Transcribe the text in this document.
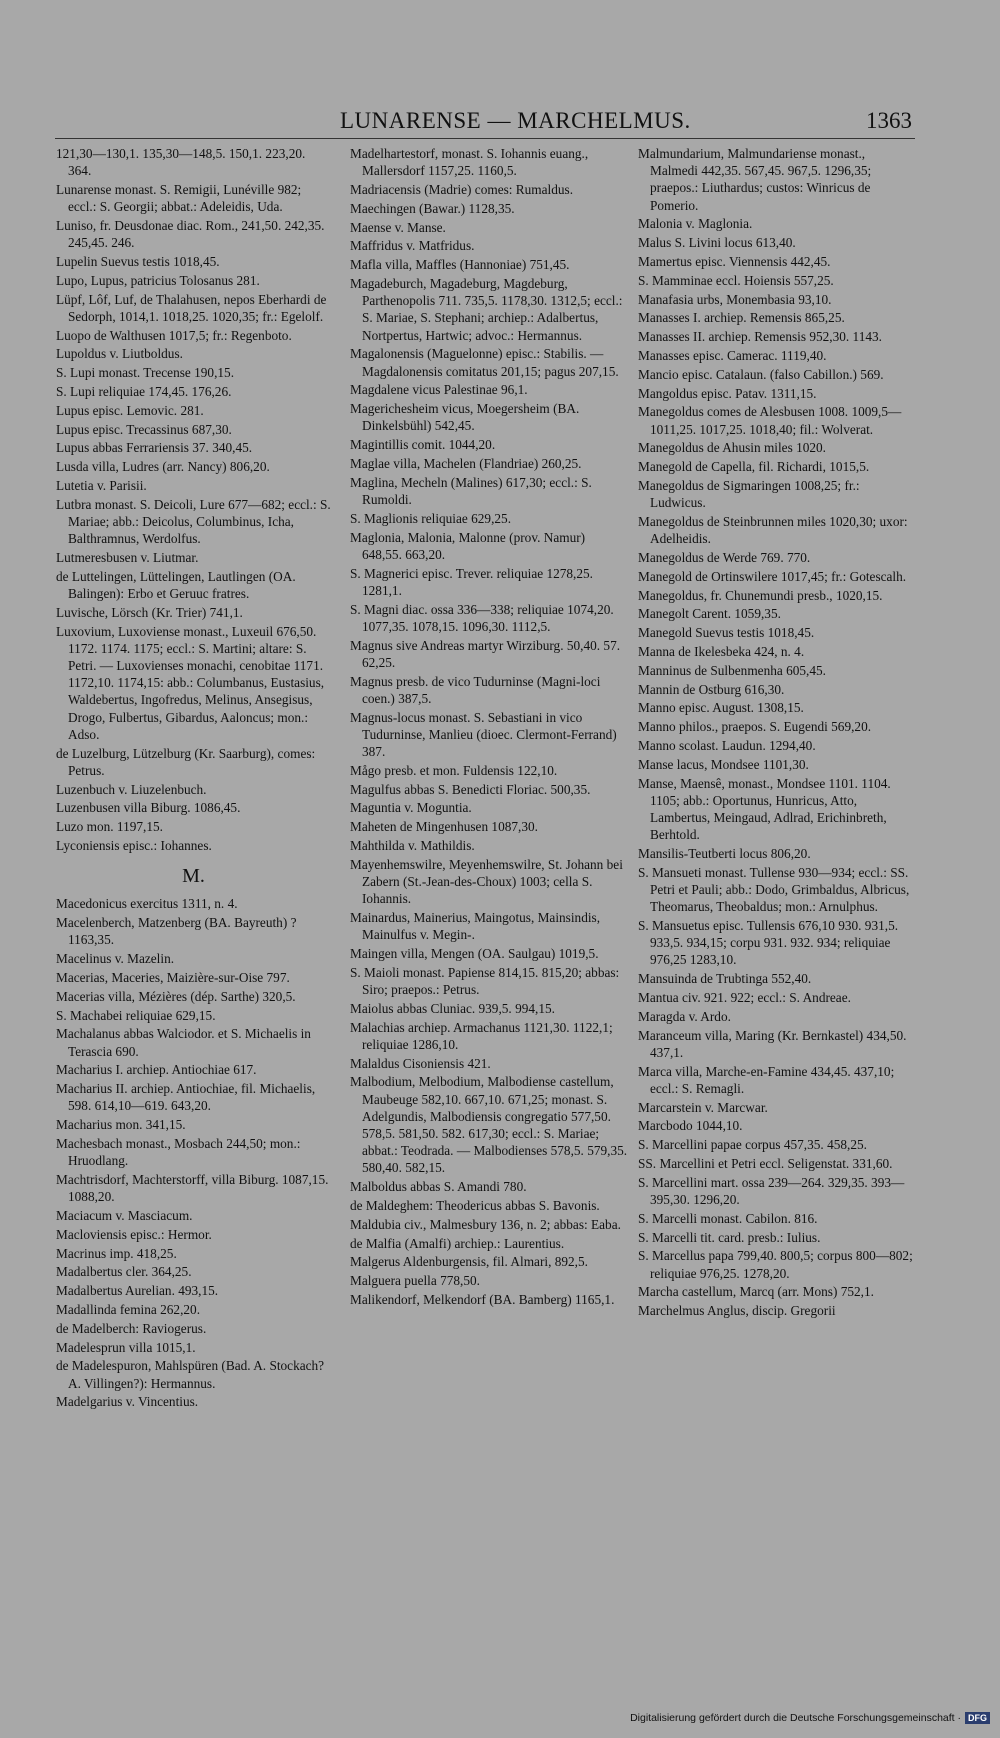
LUNARENSE — MARCHELMUS.	1363
121,30—130,1. 135,30—148,5. 150,1. 223,20. 364.
Lunarense monast. S. Remigii, Lunéville 982; eccl.: S. Georgii; abbat.: Adeleidis, Uda.
Luniso, fr. Deusdonae diac. Rom., 241,50. 242,35. 245,45. 246.
Lupelin Suevus testis 1018,45.
Lupo, Lupus, patricius Tolosanus 281.
Lüpf, Lôf, Luf, de Thalahusen, nepos Eberhardi de Sedorph, 1014,1. 1018,25. 1020,35; fr.: Egelolf.
Luopo de Walthusen 1017,5; fr.: Regenboto.
Lupoldus v. Liutboldus.
S. Lupi monast. Trecense 190,15.
S. Lupi reliquiae 174,45. 176,26.
Lupus episc. Lemovic. 281.
Lupus episc. Trecassinus 687,30.
Lupus abbas Ferrariensis 37. 340,45.
Lusda villa, Ludres (arr. Nancy) 806,20.
Lutetia v. Parisii.
Lutbra monast. S. Deicoli, Lure 677—682; eccl.: S. Mariae; abb.: Deicolus, Columbinus, Icha, Balthramnus, Werdolfus.
Lutmeresbusen v. Liutmar.
de Luttelingen, Lüttelingen, Lautlingen (OA. Balingen): Erbo et Geruuc fratres.
Luvische, Lörsch (Kr. Trier) 741,1.
Luxovium, Luxoviense monast., Luxeuil 676,50. 1172. 1174. 1175; eccl.: S. Martini; altare: S. Petri. — Luxovienses monachi, cenobitae 1171. 1172,10. 1174,15: abb.: Columbanus, Eustasius, Waldebertus, Ingofredus, Melinus, Ansegisus, Drogo, Fulbertus, Gibardus, Aaloncus; mon.: Adso.
de Luzelburg, Lützelburg (Kr. Saarburg), comes: Petrus.
Luzenbuch v. Liuzelenbuch.
Luzenbusen villa Biburg. 1086,45.
Luzo mon. 1197,15.
Lyconiensis episc.: Iohannes.
M.
Macedonicus exercitus 1311, n. 4.
Macelenberch, Matzenberg (BA. Bayreuth) ? 1163,35.
Macelinus v. Mazelin.
Macerias, Maceries, Maizière-sur-Oise 797.
Macerias villa, Mézières (dép. Sarthe) 320,5.
S. Machabei reliquiae 629,15.
Machalanus abbas Walciodor. et S. Michaelis in Terascia 690.
Macharius I. archiep. Antiochiae 617.
Macharius II. archiep. Antiochiae, fil. Michaelis, 598. 614,10—619. 643,20.
Macharius mon. 341,15.
Machesbach monast., Mosbach 244,50; mon.: Hruodlang.
Machtrisdorf, Machterstorff, villa Biburg. 1087,15. 1088,20.
Maciacum v. Masciacum.
Macloviensis episc.: Hermor.
Macrinus imp. 418,25.
Madalbertus cler. 364,25.
Madalbertus Aurelian. 493,15.
Madallinda femina 262,20.
de Madelberch: Raviogerus.
Madelesprun villa 1015,1.
de Madelespuron, Mahlspüren (Bad. A. Stockach? A. Villingen?): Hermannus.
Madelgarius v. Vincentius.
Madelhartestorf, monast. S. Iohannis euang., Mallersdorf 1157,25. 1160,5.
Madriacensis (Madrie) comes: Rumaldus.
Maechingen (Bawar.) 1128,35.
Maense v. Manse.
Maffridus v. Matfridus.
Mafla villa, Maffles (Hannoniae) 751,45.
Magadeburch, Magadeburg, Magdeburg, Parthenopolis 711. 735,5. 1178,30. 1312,5; eccl.: S. Mariae, S. Stephani; archiep.: Adalbertus, Nortpertus, Hartwic; advoc.: Hermannus.
Magalonensis (Maguelonne) episc.: Stabilis. — Magdalonensis comitatus 201,15; pagus 207,15.
Magdalene vicus Palestinae 96,1.
Magerichesheim vicus, Moegersheim (BA. Dinkelsbühl) 542,45.
Magintillis comit. 1044,20.
Maglae villa, Machelen (Flandriae) 260,25.
Maglina, Mecheln (Malines) 617,30; eccl.: S. Rumoldi.
S. Maglionis reliquiae 629,25.
Maglonia, Malonia, Malonne (prov. Namur) 648,55. 663,20.
S. Magnerici episc. Trever. reliquiae 1278,25. 1281,1.
S. Magni diac. ossa 336—338; reliquiae 1074,20. 1077,35. 1078,15. 1096,30. 1112,5.
Magnus sive Andreas martyr Wirziburg. 50,40. 57. 62,25.
Magnus presb. de vico Tudurninse (Magni-loci coen.) 387,5.
Magnus-locus monast. S. Sebastiani in vico Tudurninse, Manlieu (dioec. Clermont-Ferrand) 387.
Mågo presb. et mon. Fuldensis 122,10.
Magulfus abbas S. Benedicti Floriac. 500,35.
Maguntia v. Moguntia.
Maheten de Mingenhusen 1087,30.
Mahthilda v. Mathildis.
Mayenhemswilre, Meyenhemswilre, St. Johann bei Zabern (St.-Jean-des-Choux) 1003; cella S. Iohannis.
Mainardus, Mainerius, Maingotus, Mainsindis, Mainulfus v. Megin-.
Maingen villa, Mengen (OA. Saulgau) 1019,5.
S. Maioli monast. Papiense 814,15. 815,20; abbas: Siro; praepos.: Petrus.
Maiolus abbas Cluniac. 939,5. 994,15.
Malachias archiep. Armachanus 1121,30. 1122,1; reliquiae 1286,10.
Malaldus Cisoniensis 421.
Malbodium, Melbodium, Malbodiense castellum, Maubeuge 582,10. 667,10. 671,25; monast. S. Adelgundis, Malbodiensis congregatio 577,50. 578,5. 581,50. 582. 617,30; eccl.: S. Mariae; abbat.: Teodrada. — Malbodienses 578,5. 579,35. 580,40. 582,15.
Malboldus abbas S. Amandi 780.
de Maldeghem: Theodericus abbas S. Bavonis.
Maldubia civ., Malmesbury 136, n. 2; abbas: Eaba.
de Malfia (Amalfi) archiep.: Laurentius.
Malgerus Aldenburgensis, fil. Almari, 892,5.
Malguera puella 778,50.
Malikendorf, Melkendorf (BA. Bamberg) 1165,1.
Malmundarium, Malmundariense monast., Malmedi 442,35. 567,45. 967,5. 1296,35; praepos.: Liuthardus; custos: Winricus de Pomerio.
Malonia v. Maglonia.
Malus S. Livini locus 613,40.
Mamertus episc. Viennensis 442,45.
S. Mamminae eccl. Hoiensis 557,25.
Manafasia urbs, Monembasia 93,10.
Manasses I. archiep. Remensis 865,25.
Manasses II. archiep. Remensis 952,30. 1143.
Manasses episc. Camerac. 1119,40.
Mancio episc. Catalaun. (falso Cabillon.) 569.
Mangoldus episc. Patav. 1311,15.
Manegoldus comes de Alesbusen 1008. 1009,5—1011,25. 1017,25. 1018,40; fil.: Wolverat.
Manegoldus de Ahusin miles 1020.
Manegold de Capella, fil. Richardi, 1015,5.
Manegoldus de Sigmaringen 1008,25; fr.: Ludwicus.
Manegoldus de Steinbrunnen miles 1020,30; uxor: Adelheidis.
Manegoldus de Werde 769. 770.
Manegold de Ortinswilere 1017,45; fr.: Gotescalh.
Manegoldus, fr. Chunemundi presb., 1020,15.
Manegolt Carent. 1059,35.
Manegold Suevus testis 1018,45.
Manna de Ikelesbeka 424, n. 4.
Manninus de Sulbenmenha 605,45.
Mannin de Ostburg 616,30.
Manno episc. August. 1308,15.
Manno philos., praepos. S. Eugendi 569,20.
Manno scolast. Laudun. 1294,40.
Manse lacus, Mondsee 1101,30.
Manse, Maensê, monast., Mondsee 1101. 1104. 1105; abb.: Oportunus, Hunricus, Atto, Lambertus, Meingaud, Adlrad, Erichinbreth, Berhtold.
Mansilis-Teutberti locus 806,20.
S. Mansueti monast. Tullense 930—934; eccl.: SS. Petri et Pauli; abb.: Dodo, Grimbaldus, Albricus, Theomarus, Theobaldus; mon.: Arnulphus.
S. Mansuetus episc. Tullensis 676,10 930. 931,5. 933,5. 934,15; corpu 931. 932. 934; reliquiae 976,25 1283,10.
Mansuinda de Trubtinga 552,40.
Mantua civ. 921. 922; eccl.: S. Andreae.
Maragda v. Ardo.
Maranceum villa, Maring (Kr. Bernkastel) 434,50. 437,1.
Marca villa, Marche-en-Famine 434,45. 437,10; eccl.: S. Remagli.
Marcarstein v. Marcwar.
Marcbodo 1044,10.
S. Marcellini papae corpus 457,35. 458,25.
SS. Marcellini et Petri eccl. Seligenstat. 331,60.
S. Marcellini mart. ossa 239—264. 329,35. 393—395,30. 1296,20.
S. Marcelli monast. Cabilon. 816.
S. Marcelli tit. card. presb.: Iulius.
S. Marcellus papa 799,40. 800,5; corpus 800—802; reliquiae 976,25. 1278,20.
Marcha castellum, Marcq (arr. Mons) 752,1.
Marchelmus Anglus, discip. Gregorii
Digitalisierung gefördert durch die Deutsche Forschungsgemeinschaft · DFG
